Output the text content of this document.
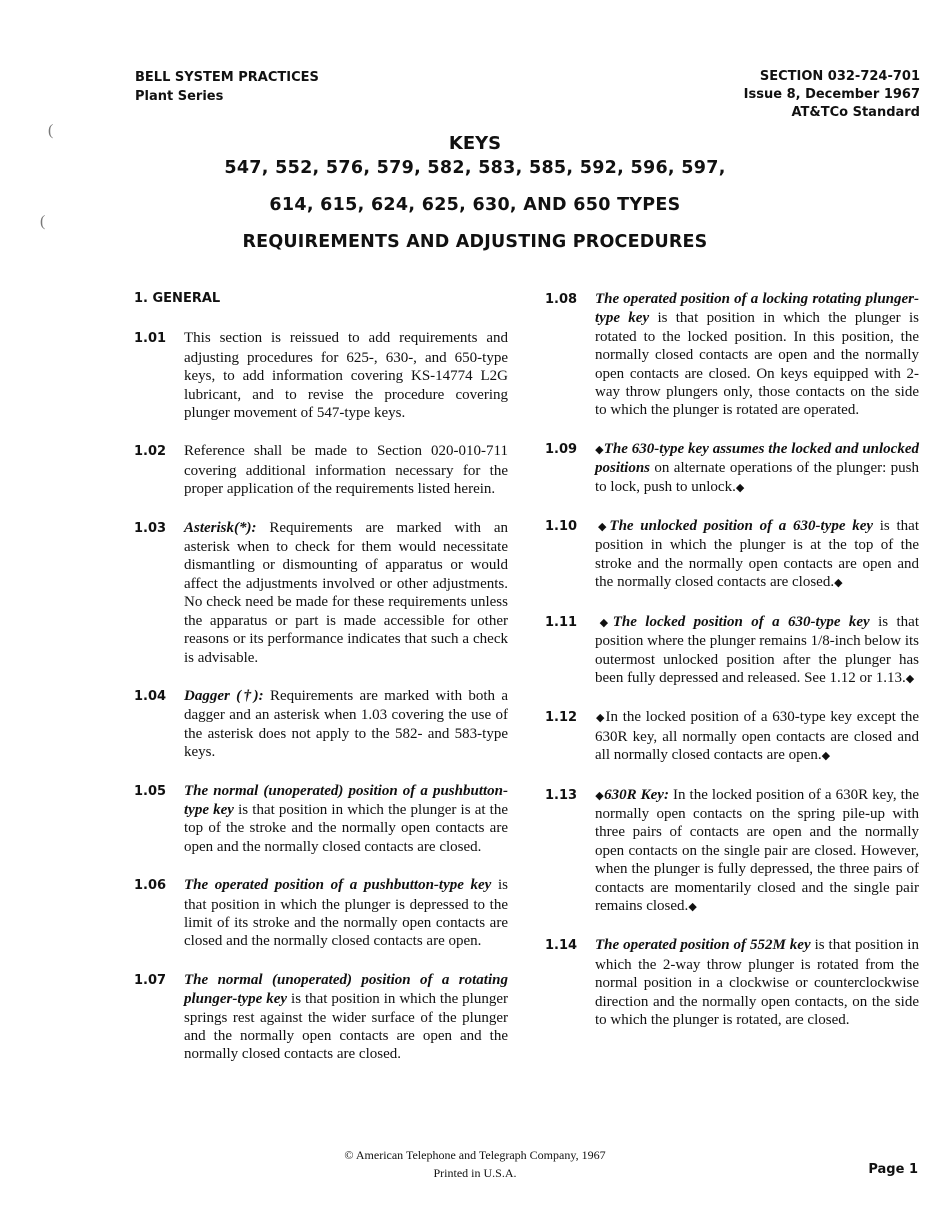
(
(
BELL SYSTEM PRACTICES
Plant Series
SECTION 032-724-701
Issue 8, December 1967
AT&TCo Standard
KEYS
547, 552, 576, 579, 582, 583, 585, 592, 596, 597,
614, 615, 624, 625, 630, AND 650 TYPES
REQUIREMENTS AND ADJUSTING PROCEDURES
1. GENERAL

1.01 This section is reissued to add requirements and adjusting procedures for 625-, 630-, and 650-type keys, to add information covering KS-14774 L2G lubricant, and to revise the procedure covering plunger movement of 547-type keys.

1.02 Reference shall be made to Section 020-010-711 covering additional information necessary for the proper application of the requirements listed herein.

1.03 Asterisk(*): Requirements are marked with an asterisk when to check for them would necessitate dismantling or dismounting of apparatus or would affect the adjustments involved or other adjustments. No check need be made for these requirements unless the apparatus or part is made accessible for other reasons or its performance indicates that such a check is advisable.

1.04 Dagger (†): Requirements are marked with both a dagger and an asterisk when 1.03 covering the use of the asterisk does not apply to the 582- and 583-type keys.

1.05 The normal (unoperated) position of a pushbutton-type key is that position in which the plunger is at the top of the stroke and the normally open contacts are open and the normally closed contacts are closed.

1.06 The operated position of a pushbutton-type key is that position in which the plunger is depressed to the limit of its stroke and the normally open contacts are closed and the normally closed contacts are open.

1.07 The normal (unoperated) position of a rotating plunger-type key is that position in which the plunger springs rest against the wider surface of the plunger and the normally open contacts are open and the normally closed contacts are closed.

1.08 The operated position of a locking rotating plunger-type key is that position in which the plunger is rotated to the locked position. In this position, the normally closed contacts are open and the normally open contacts are closed. On keys equipped with 2-way throw plungers only, those contacts on the side to which the plunger is rotated are operated.

1.09 ◆The 630-type key assumes the locked and unlocked positions on alternate operations of the plunger: push to lock, push to unlock.◆

1.10 ◆The unlocked position of a 630-type key is that position in which the plunger is at the top of the stroke and the normally open contacts are open and the normally closed contacts are closed.◆

1.11 ◆The locked position of a 630-type key is that position where the plunger remains 1/8-inch below its outermost unlocked position after the plunger has been fully depressed and released. See 1.12 or 1.13.◆

1.12 ◆In the locked position of a 630-type key except the 630R key, all normally open contacts are closed and all normally closed contacts are open.◆

1.13 ◆630R Key: In the locked position of a 630R key, the normally open contacts on the spring pile-up with three pairs of contacts are open and the normally open contacts on the single pair are closed. However, when the plunger is fully depressed, the three pairs of contacts are momentarily closed and the single pair remains closed.◆

1.14 The operated position of 552M key is that position in which the 2-way throw plunger is rotated from the normal position in a clockwise or counterclockwise direction and the normally open contacts, on the side to which the plunger is rotated, are closed.

© American Telephone and Telegraph Company, 1967
Printed in U.S.A.	Page 1
